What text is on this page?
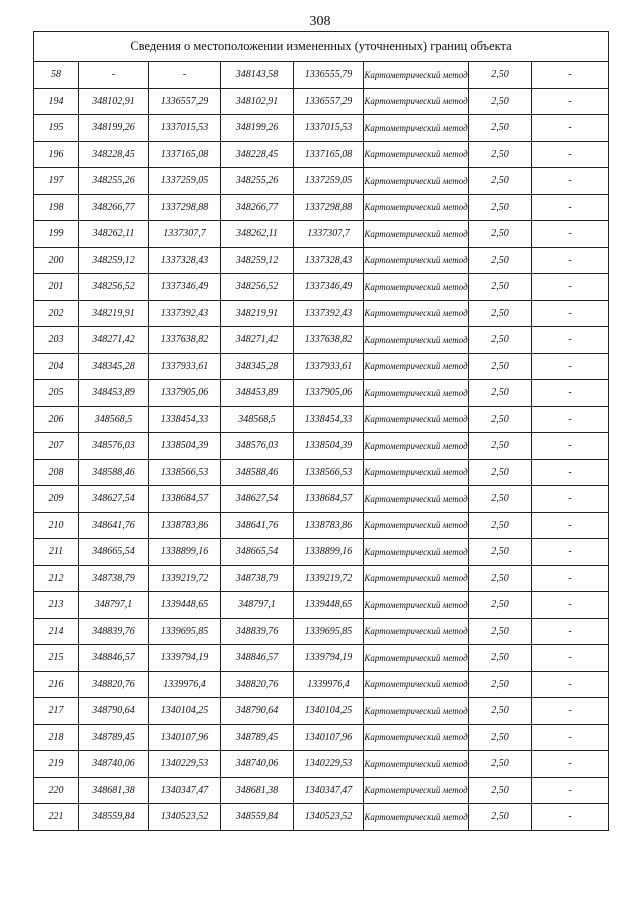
308
Сведения о местоположении измененных (уточненных) границ объекта							
58	-	-	348143,58	1336555,79	Картометрический метод	2,50	-
194	348102,91	1336557,29	348102,91	1336557,29	Картометрический метод	2,50	-
195	348199,26	1337015,53	348199,26	1337015,53	Картометрический метод	2,50	-
196	348228,45	1337165,08	348228,45	1337165,08	Картометрический метод	2,50	-
197	348255,26	1337259,05	348255,26	1337259,05	Картометрический метод	2,50	-
198	348266,77	1337298,88	348266,77	1337298,88	Картометрический метод	2,50	-
199	348262,11	1337307,7	348262,11	1337307,7	Картометрический метод	2,50	-
200	348259,12	1337328,43	348259,12	1337328,43	Картометрический метод	2,50	-
201	348256,52	1337346,49	348256,52	1337346,49	Картометрический метод	2,50	-
202	348219,91	1337392,43	348219,91	1337392,43	Картометрический метод	2,50	-
203	348271,42	1337638,82	348271,42	1337638,82	Картометрический метод	2,50	-
204	348345,28	1337933,61	348345,28	1337933,61	Картометрический метод	2,50	-
205	348453,89	1337905,06	348453,89	1337905,06	Картометрический метод	2,50	-
206	348568,5	1338454,33	348568,5	1338454,33	Картометрический метод	2,50	-
207	348576,03	1338504,39	348576,03	1338504,39	Картометрический метод	2,50	-
208	348588,46	1338566,53	348588,46	1338566,53	Картометрический метод	2,50	-
209	348627,54	1338684,57	348627,54	1338684,57	Картометрический метод	2,50	-
210	348641,76	1338783,86	348641,76	1338783,86	Картометрический метод	2,50	-
211	348665,54	1338899,16	348665,54	1338899,16	Картометрический метод	2,50	-
212	348738,79	1339219,72	348738,79	1339219,72	Картометрический метод	2,50	-
213	348797,1	1339448,65	348797,1	1339448,65	Картометрический метод	2,50	-
214	348839,76	1339695,85	348839,76	1339695,85	Картометрический метод	2,50	-
215	348846,57	1339794,19	348846,57	1339794,19	Картометрический метод	2,50	-
216	348820,76	1339976,4	348820,76	1339976,4	Картометрический метод	2,50	-
217	348790,64	1340104,25	348790,64	1340104,25	Картометрический метод	2,50	-
218	348789,45	1340107,96	348789,45	1340107,96	Картометрический метод	2,50	-
219	348740,06	1340229,53	348740,06	1340229,53	Картометрический метод	2,50	-
220	348681,38	1340347,47	348681,38	1340347,47	Картометрический метод	2,50	-
221	348559,84	1340523,52	348559,84	1340523,52	Картометрический метод	2,50	-
